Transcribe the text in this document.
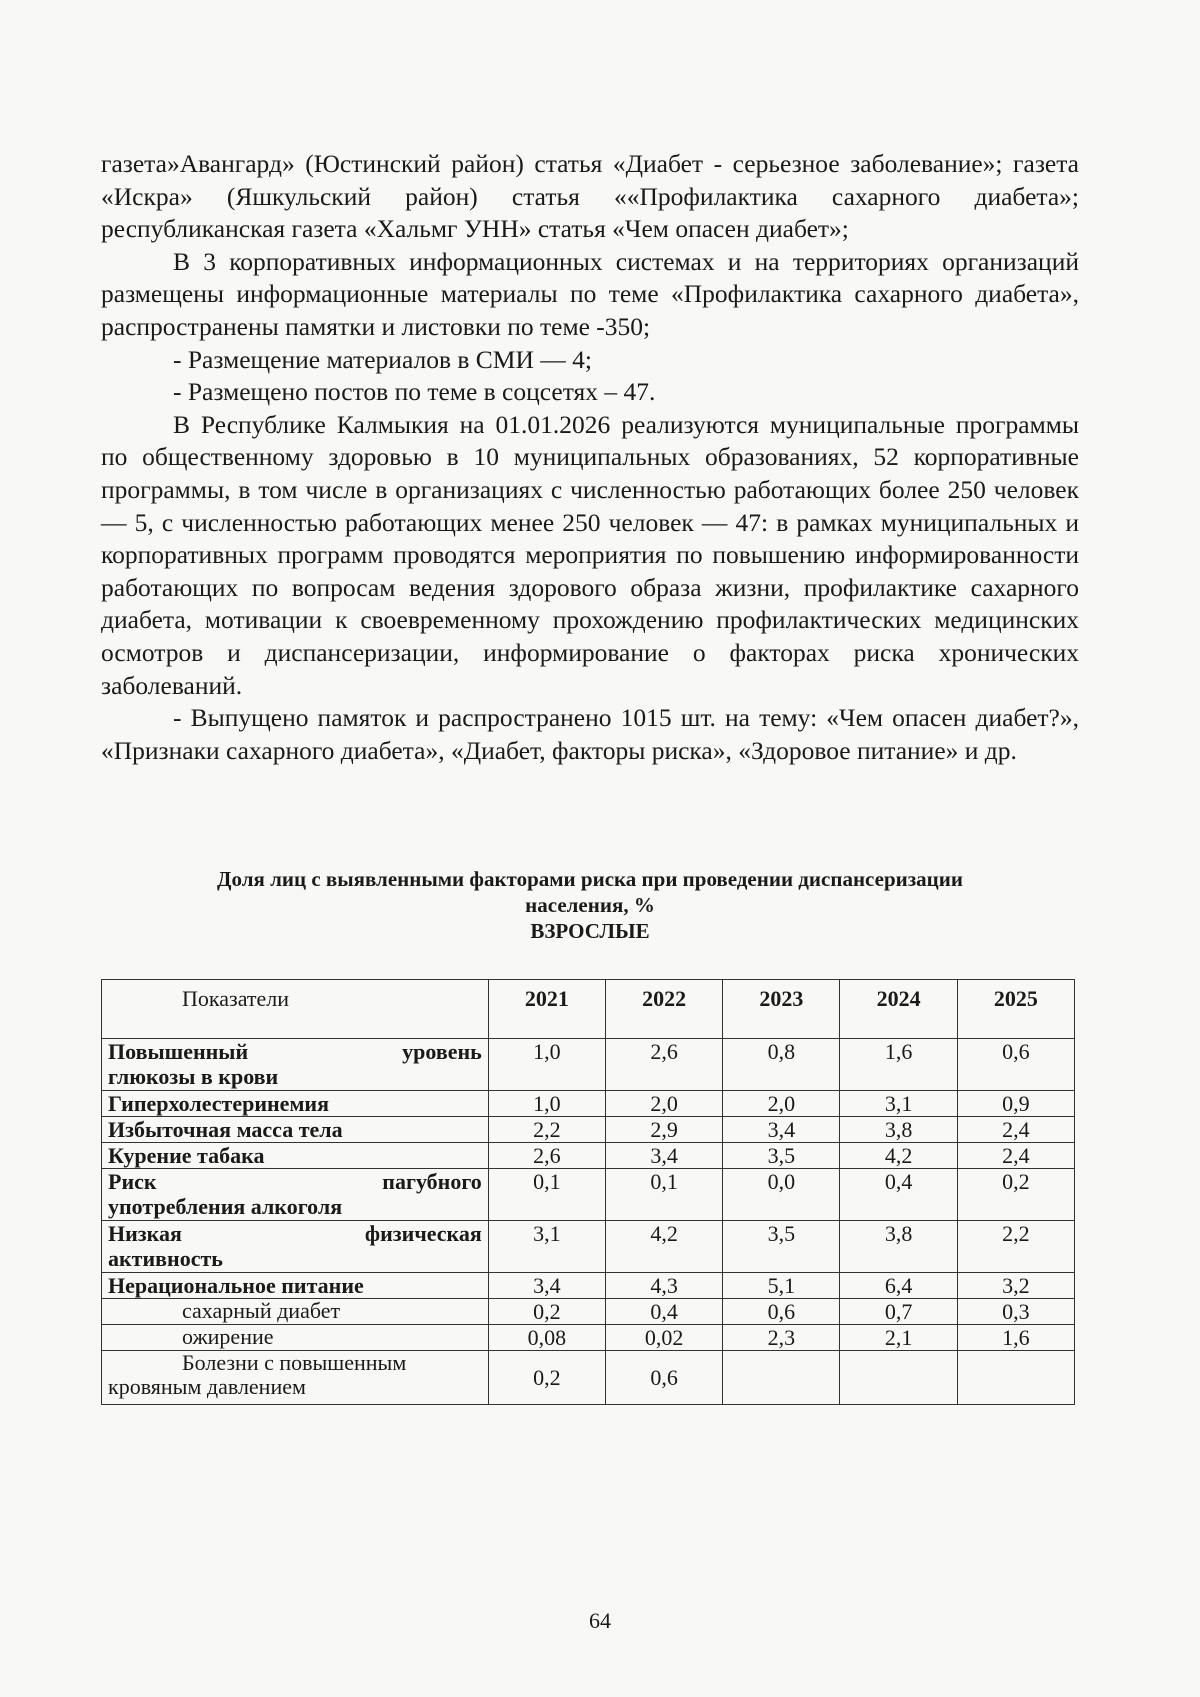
газета»Авангард» (Юстинский район) статья «Диабет - серьезное заболевание»; газета «Искра» (Яшкульский район) статья ««Профилактика сахарного диабета»; республиканская газета «Хальмг УНН» статья «Чем опасен диабет»;

В 3 корпоративных информационных системах и на территориях организаций размещены информационные материалы по теме «Профилактика сахарного диабета», распространены памятки и листовки по теме -350;

- Размещение материалов в СМИ — 4;

- Размещено постов по теме в соцсетях – 47.

В Республике Калмыкия на 01.01.2026 реализуются муниципальные программы по общественному здоровью в 10 муниципальных образованиях, 52 корпоративные программы, в том числе в организациях с численностью работающих более 250 человек — 5, с численностью работающих менее 250 человек — 47: в рамках муниципальных и корпоративных программ проводятся мероприятия по повышению информированности работающих по вопросам ведения здорового образа жизни, профилактике сахарного диабета, мотивации к своевременному прохождению профилактических медицинских осмотров и диспансеризации, информирование о факторах риска хронических заболеваний.

- Выпущено памяток и распространено 1015 шт. на тему: «Чем опасен диабет?», «Признаки сахарного диабета», «Диабет, факторы риска», «Здоровое питание» и др.

Доля лиц с выявленными факторами риска при проведении диспансеризации
населения, %
ВЗРОСЛЫЕ
Показатели	2021	2022	2023	2024	2025

Повышенный уровень
глюкозы в крови	1,0	2,6	0,8	1,6	0,6
Гиперхолестеринемия	1,0	2,0	2,0	3,1	0,9
Избыточная масса тела	2,2	2,9	3,4	3,8	2,4
Курение табака	2,6	3,4	3,5	4,2	2,4

Риск пагубного
употребления алкоголя	0,1	0,1	0,0	0,4	0,2

Низкая физическая
активность	3,1	4,2	3,5	3,8	2,2
Нерациональное питание	3,4	4,3	5,1	6,4	3,2
сахарный диабет	0,2	0,4	0,6	0,7	0,3
ожирение	0,08	0,02	2,3	2,1	1,6

Болезни с повышенным
кровяным давлением	0,2	0,6			
64
